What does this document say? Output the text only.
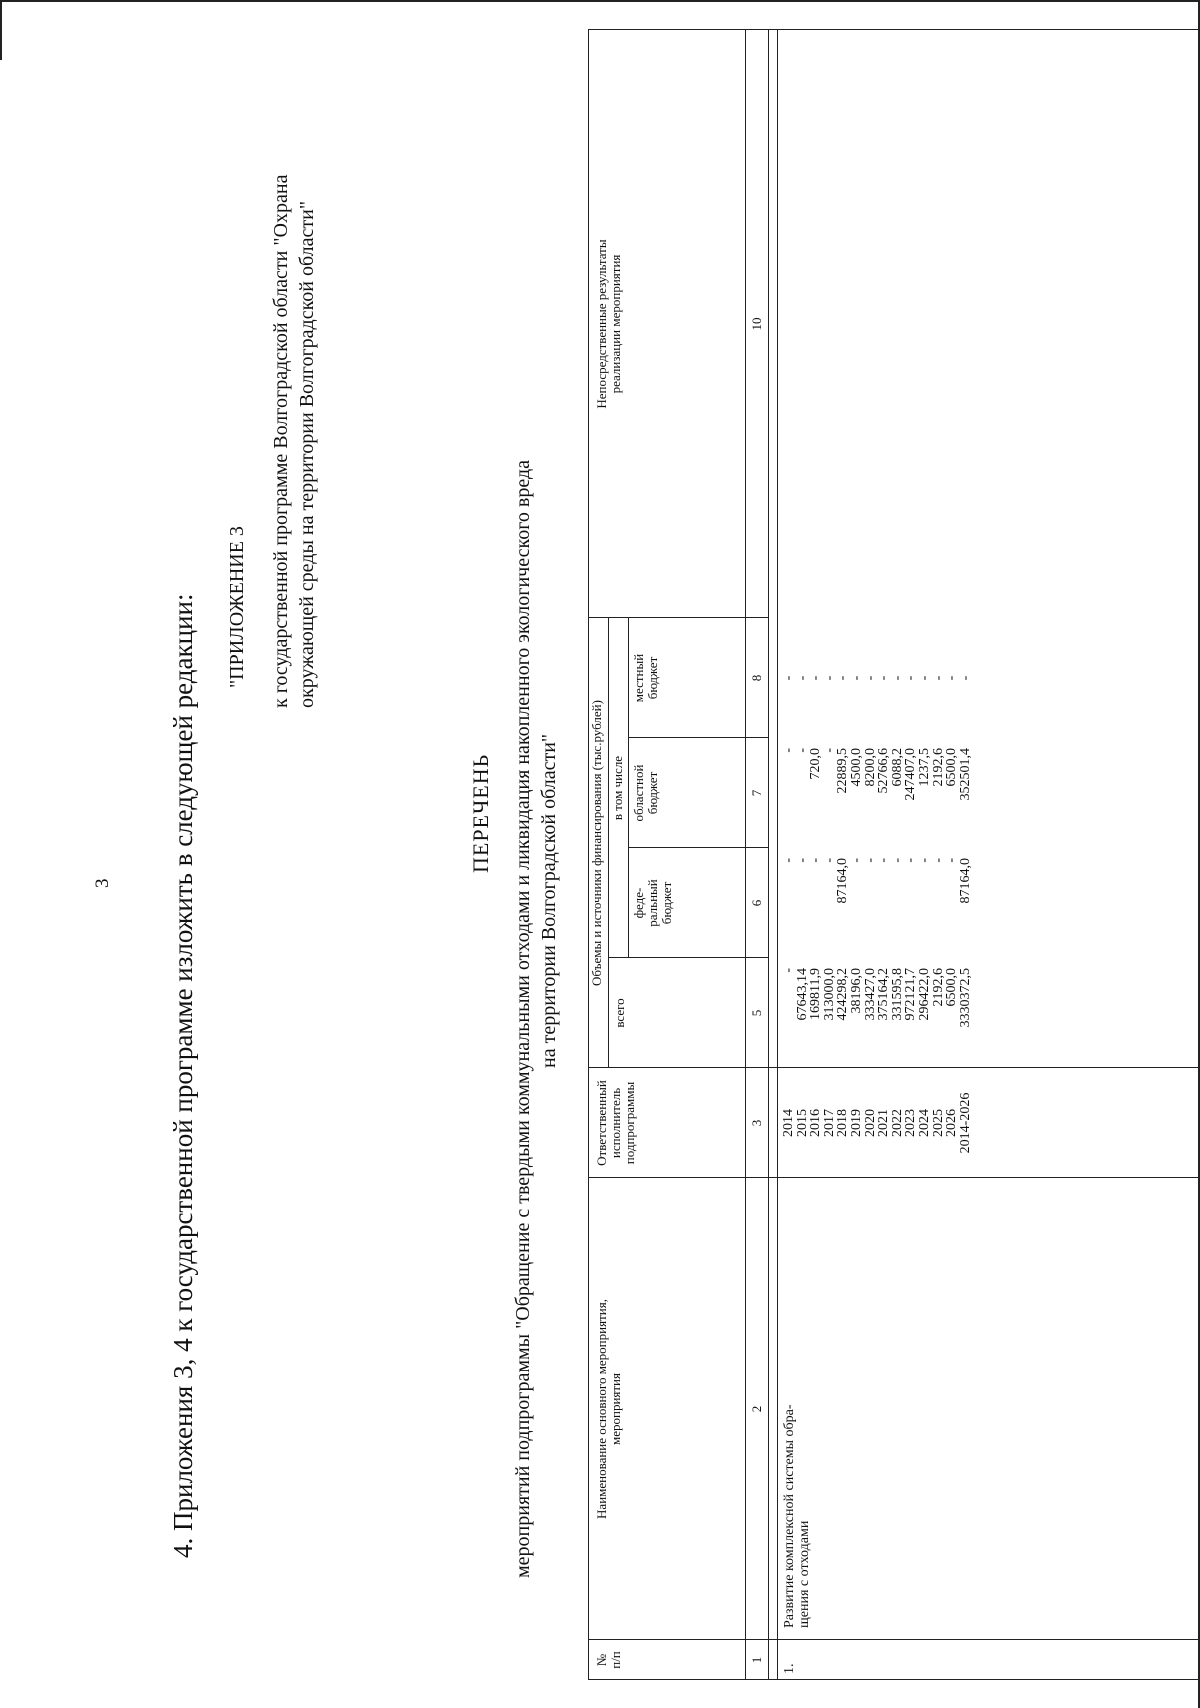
3 4. Приложения 3, 4 к государственной программе изложить в следующей редакции: "ПРИЛОЖЕНИЕ 3 к государственной программе Волгоградской области "Охрана окружающей среды на территории Волгоградской области"
ПЕРЕЧЕНЬ мероприятий подпрограммы "Обращение с твердыми коммунальными отходами и ликвидация накопленного экологического вреда на территории Волгоградской области"
№ п/п
Наименование основного мероприятия, мероприятия
Ответственный исполнитель подпрограммы
Объемы и источники финансирования (тыс.рублей)
всего
в том числе
феде- ральный бюджет
областной бюджет
местный бюджет
Непосредственные результаты реализации мероприятия
1
2
3
5
6
7
8
10
1.
Развитие комплексной системы обра- щения с отходами
2014
2015
2016
2017
2018
2019
2020
2021
2022
2023
2024
2025
2026
2014-2026
-
67643,14
169811,9
313000,0
424298,2
38196,0
333427,0
375164,2
331595,8
972121,7
296422,0
2192,6
6500,0
3330372,5
-
-
-
-
87164,0
-
-
-
-
-
-
-
-
87164,0
-
-
720,0
-
22889,5
4500,0
8200,0
52766,6
6088,2
247407,0
1237,5
2192,6
6500,0
352501,4
-
-
-
-
-
-
-
-
-
-
-
-
-
-
